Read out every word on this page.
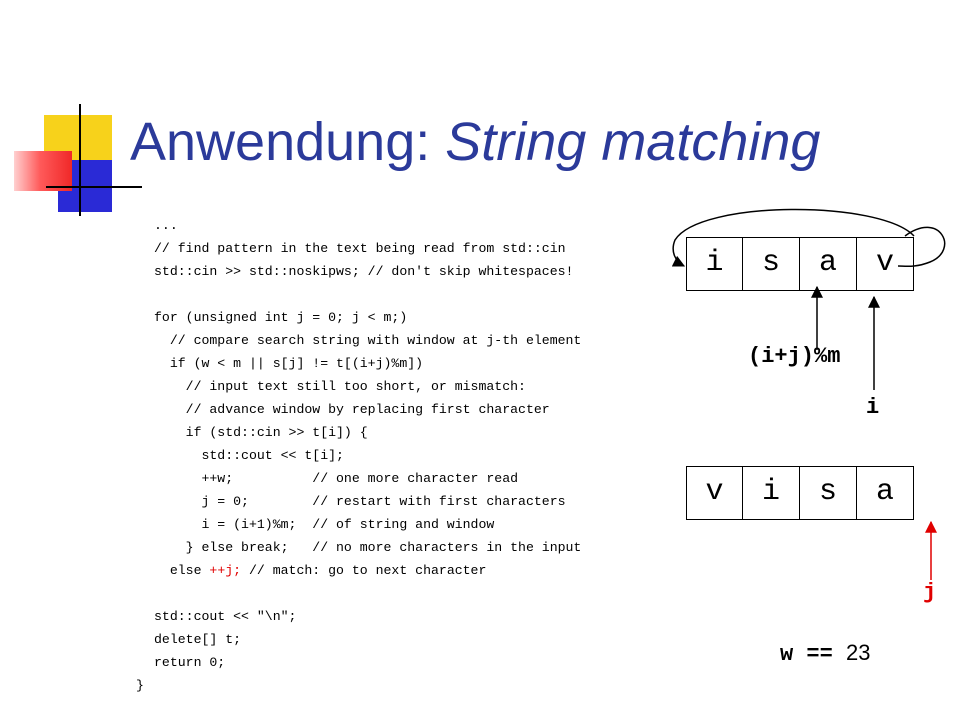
Anwendung: String matching
...
// find pattern in the text being read from std::cin
std::cin >> std::noskipws; // don't skip whitespaces!
for (unsigned int j = 0; j < m;)
// compare search string with window at j-th element
if (w < m || s[j] != t[(i+j)%m])
// input text still too short, or mismatch:
// advance window by replacing first character
if (std::cin >> t[i]) {
std::cout << t[i];
++w;          // one more character read
j = 0;        // restart with first characters
i = (i+1)%m;  // of string and window
} else break;   // no more characters in the input
else ++j; // match: go to next character
std::cout << "\n";
delete[] t;
return 0;
}
i	s	a	v
v	i	s	a
(i+j)%m
i
j
w == 23
